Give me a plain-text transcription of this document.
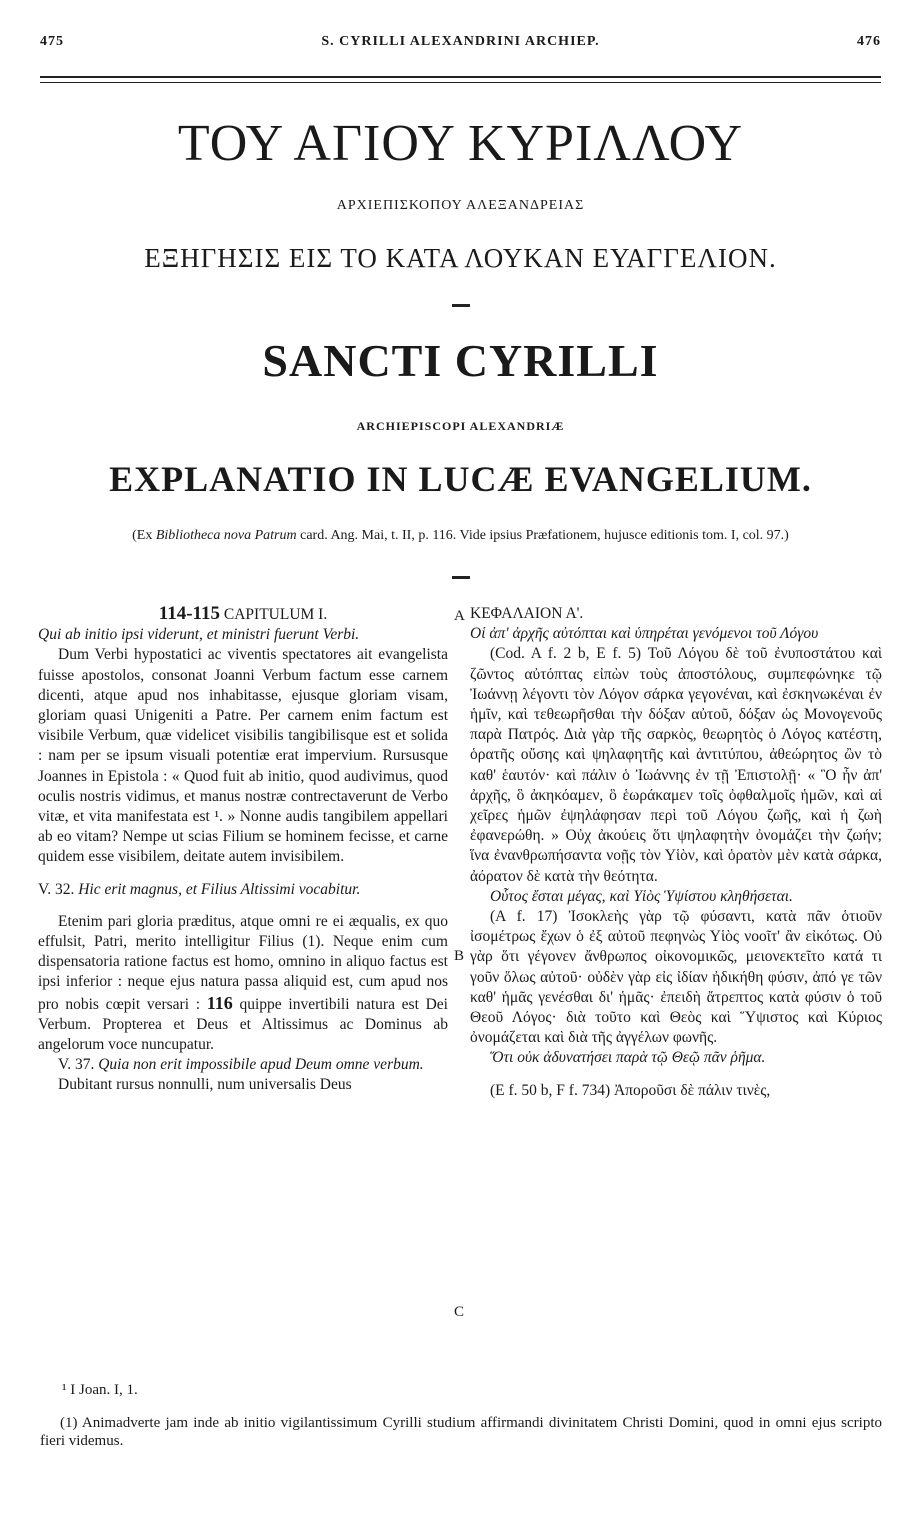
475	S. CYRILLI ALEXANDRINI ARCHIEP.	476
ΤΟΥ ΑΓΙΟΥ ΚΥΡΙΛΛΟΥ
ΑΡΧΙΕΠΙΣΚΟΠΟΥ ΑΛΕΞΑΝΔΡΕΙΑΣ
ΕΞΗΓΗΣΙΣ ΕΙΣ ΤΟ ΚΑΤΑ ΛΟΥΚΑΝ ΕΥΑΓΓΕΛΙΟΝ.
SANCTI CYRILLI
ARCHIEPISCOPI ALEXANDRIÆ
EXPLANATIO IN LUCÆ EVANGELIUM.
(Ex Bibliotheca nova Patrum card. Ang. Mai, t. II, p. 116. Vide ipsius Præfationem, hujusce editionis tom. I, col. 97.)
A
B
C
114-115 CAPITULUM I.

Qui ab initio ipsi viderunt, et ministri fuerunt Verbi.

Dum Verbi hypostatici ac viventis spectatores ait evangelista fuisse apostolos, consonat Joanni Verbum factum esse carnem dicenti, atque apud nos inhabitasse, ejusque gloriam visam, gloriam quasi Unigeniti a Patre. Per carnem enim factum est visibile Verbum, quæ videlicet visibilis tangibilisque est et solida : nam per se ipsum visuali potentiæ erat impervium. Rursusque Joannes in Epistola : « Quod fuit ab initio, quod audivimus, quod oculis nostris vidimus, et manus nostræ contrectaverunt de Verbo vitæ, et vita manifestata est ¹. » Nonne audis tangibilem appellari ab eo vitam? Nempe ut scias Filium se hominem fecisse, et carne quidem esse visibilem, deitate autem invisibilem.

V. 32. Hic erit magnus, et Filius Altissimi vocabitur.

Etenim pari gloria præditus, atque omni re ei æqualis, ex quo effulsit, Patri, merito intelligitur Filius (1). Neque enim cum dispensatoria ratione factus est homo, omnino in aliquo factus est ipsi inferior : neque ejus natura passa aliquid est, cum apud nos pro nobis cœpit versari : 116 quippe invertibili natura est Dei Verbum. Propterea et Deus et Altissimus ac Dominus ab angelorum voce nuncupatur.

V. 37. Quia non erit impossibile apud Deum omne verbum.

Dubitant rursus nonnulli, num universalis Deus

ΚΕΦΑΛΑΙΟΝ Α'.

Οἱ ἀπ' ἀρχῆς αὐτόπται καὶ ὑπηρέται γενόμενοι τοῦ Λόγου

(Cod. A f. 2 b, E f. 5) Τοῦ Λόγου δὲ τοῦ ἐνυποστάτου καὶ ζῶντος αὐτόπτας εἰπὼν τοὺς ἀποστόλους, συμπεφώνηκε τῷ Ἰωάννῃ λέγοντι τὸν Λόγον σάρκα γεγονέναι, καὶ ἐσκηνωκέναι ἐν ἡμῖν, καὶ τεθεωρῆσθαι τὴν δόξαν αὐτοῦ, δόξαν ὡς Μονογενοῦς παρὰ Πατρός. Διὰ γὰρ τῆς σαρκὸς, θεωρητὸς ὁ Λόγος κατέστη, ὁρατῆς οὔσης καὶ ψηλαφητῆς καὶ ἀντιτύπου, ἀθεώρητος ὢν τὸ καθ' ἑαυτόν· καὶ πάλιν ὁ Ἰωάννης ἐν τῇ Ἐπιστολῇ· « Ὃ ἦν ἀπ' ἀρχῆς, ὃ ἀκηκόαμεν, ὃ ἑωράκαμεν τοῖς ὀφθαλμοῖς ἡμῶν, καὶ αἱ χεῖρες ἡμῶν ἐψηλάφησαν περὶ τοῦ Λόγου ζωῆς, καὶ ἡ ζωὴ ἐφανερώθη. » Οὐχ ἀκούεις ὅτι ψηλαφητὴν ὀνομάζει τὴν ζωήν; ἵνα ἐνανθρωπήσαντα νοῇς τὸν Υἱὸν, καὶ ὁρατὸν μὲν κατὰ σάρκα, ἀόρατον δὲ κατὰ τὴν θεότητα.

Οὗτος ἔσται μέγας, καὶ Υἱὸς Ὑψίστου κληθήσεται.

(A f. 17) Ἰσοκλεὴς γὰρ τῷ φύσαντι, κατὰ πᾶν ὁτιοῦν ἰσομέτρως ἔχων ὁ ἐξ αὐτοῦ πεφηνὼς Υἱὸς νοοῖτ' ἂν εἰκότως. Οὐ γὰρ ὅτι γέγονεν ἄνθρωπος οἰκονομικῶς, μειονεκτεῖτο κατά τι γοῦν ὅλως αὐτοῦ· οὐδὲν γὰρ εἰς ἰδίαν ἠδικήθη φύσιν, ἀπό γε τῶν καθ' ἡμᾶς γενέσθαι δι' ἡμᾶς· ἐπειδὴ ἄτρεπτος κατὰ φύσιν ὁ τοῦ Θεοῦ Λόγος· διὰ τοῦτο καὶ Θεὸς καὶ Ὕψιστος καὶ Κύριος ὀνομάζεται καὶ διὰ τῆς ἀγγέλων φωνῆς.

Ὅτι οὐκ ἀδυνατήσει παρὰ τῷ Θεῷ πᾶν ῥῆμα.

(E f. 50 b, F f. 734) Ἀποροῦσι δὲ πάλιν τινὲς,

¹ I Joan. I, 1.
(1) Animadverte jam inde ab initio vigilantissimum Cyrilli studium affirmandi divinitatem Christi Domini, quod in omni ejus scripto fieri videmus.
